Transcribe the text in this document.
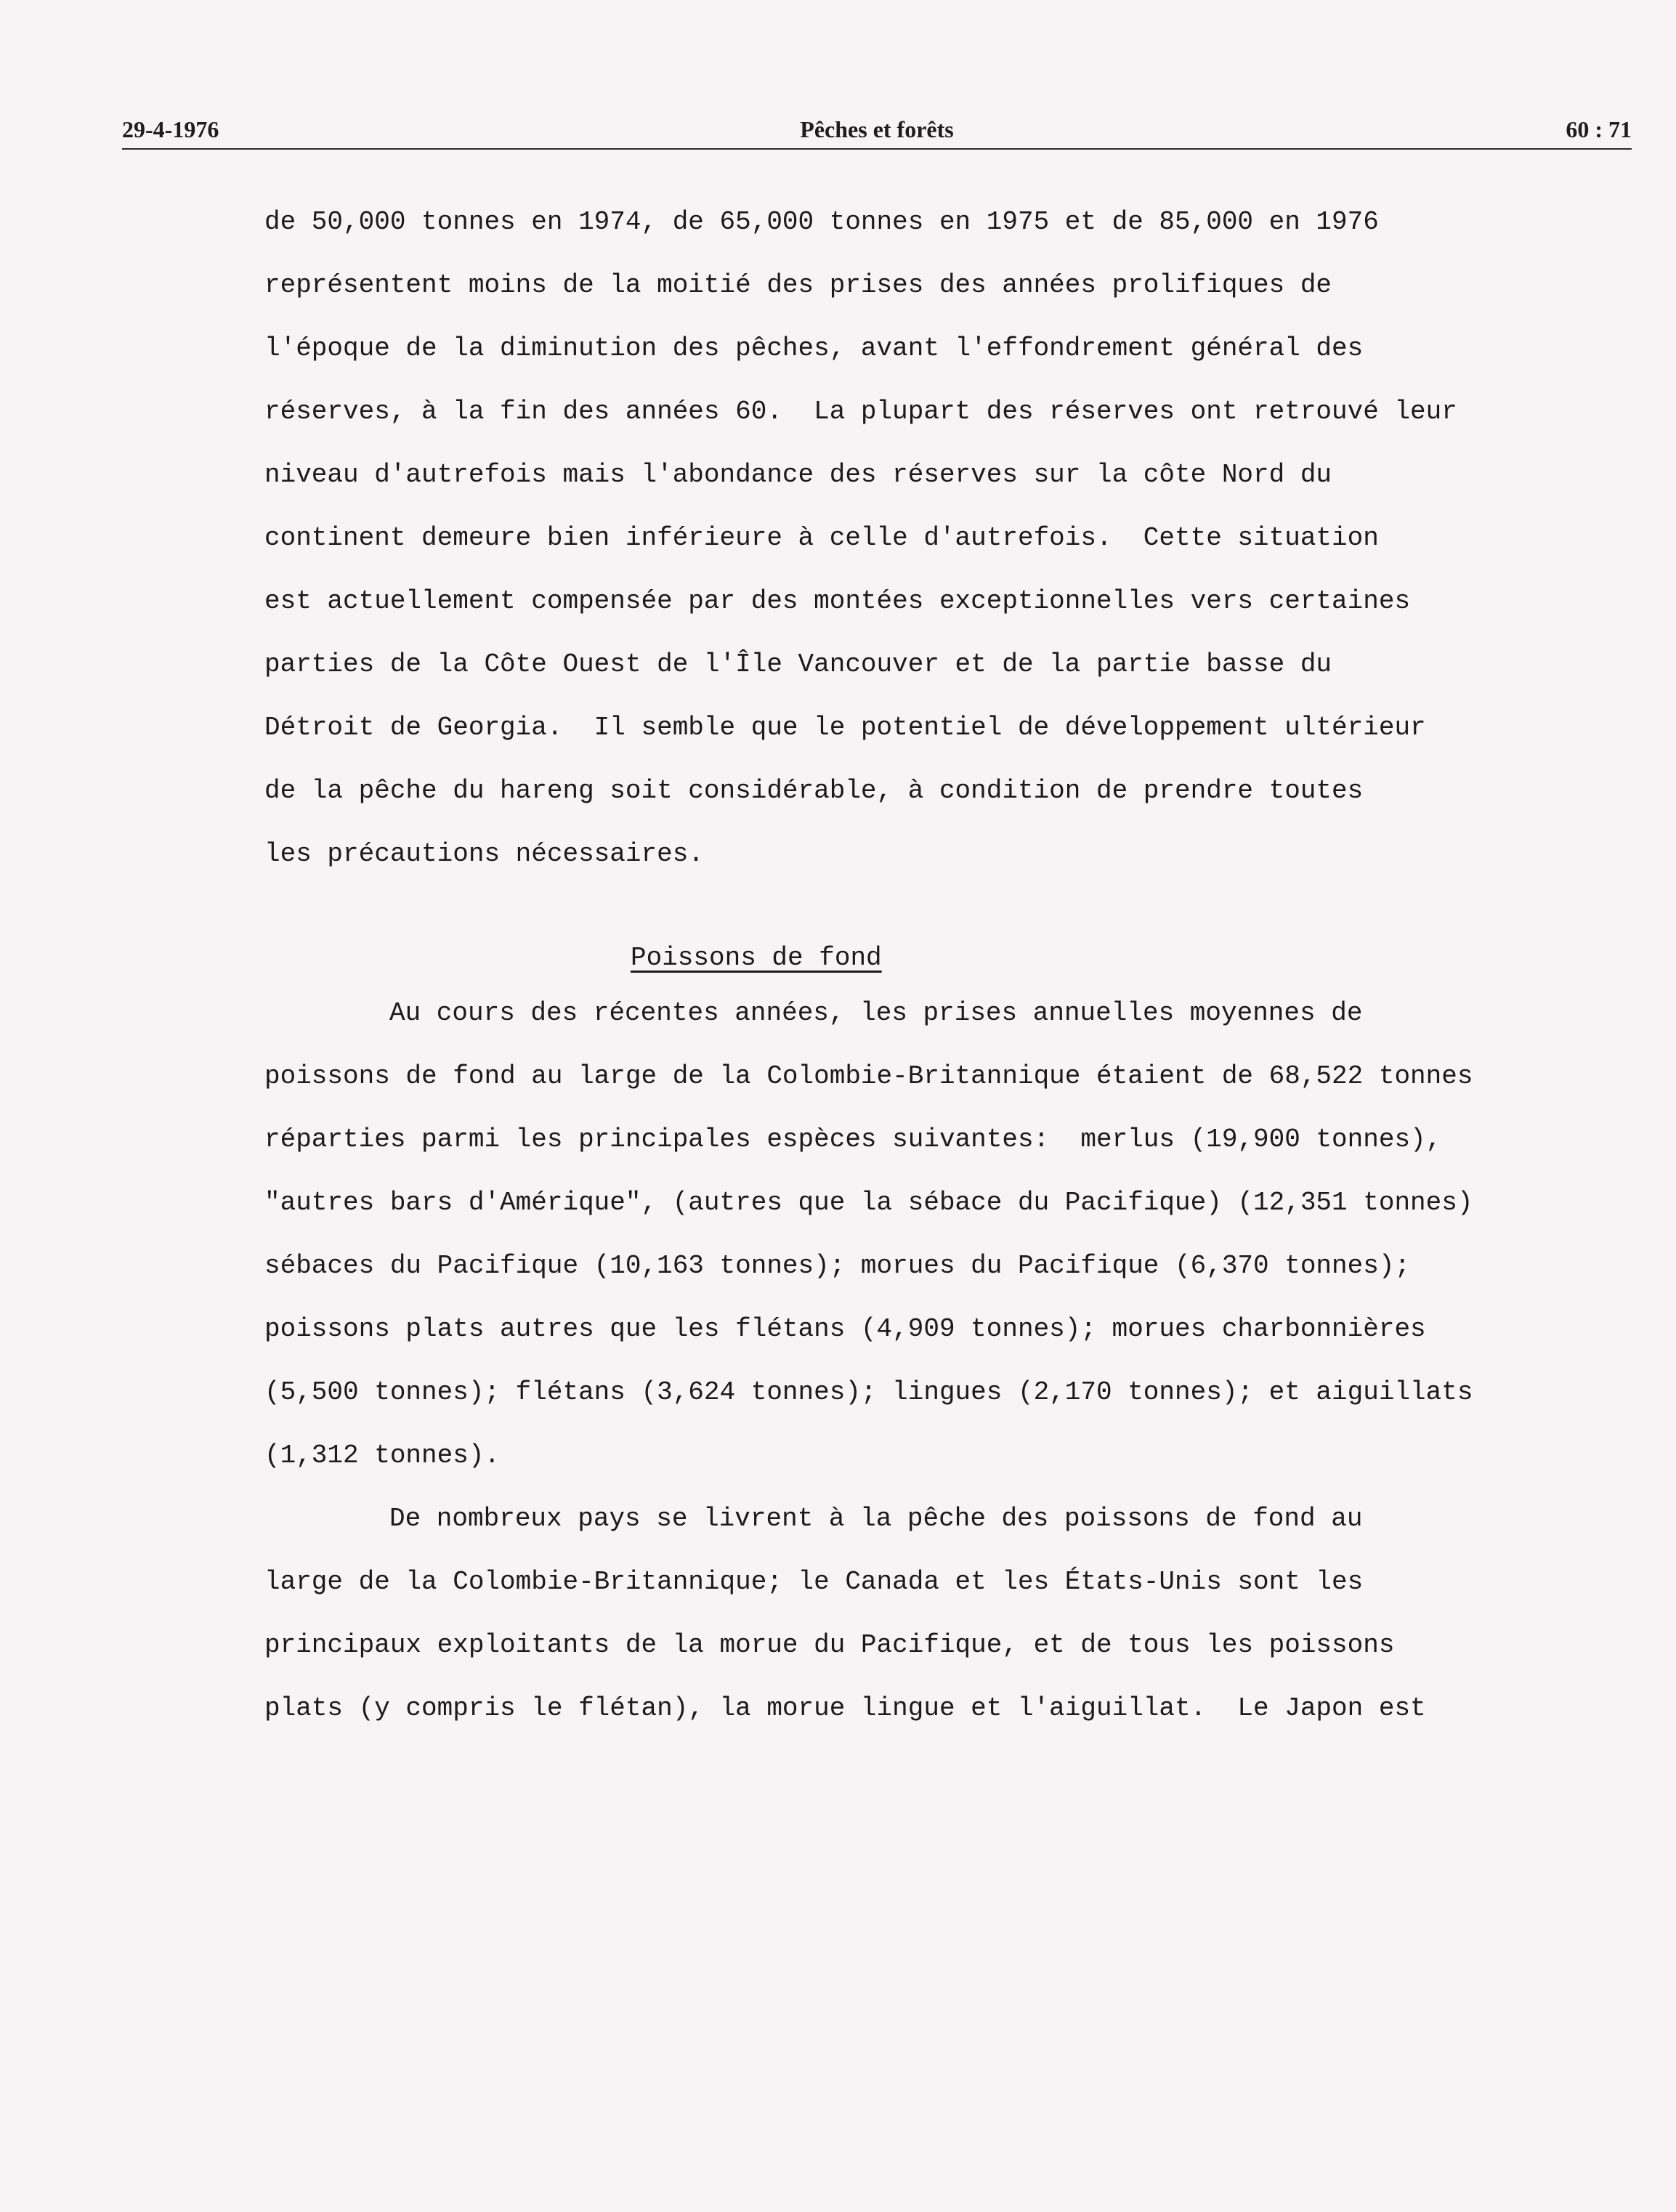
29-4-1976	Pêches et forêts	60 : 71

de 50,000 tonnes en 1974, de 65,000 tonnes en 1975 et de 85,000 en 1976

représentent moins de la moitié des prises des années prolifiques de

l'époque de la diminution des pêches, avant l'effondrement général des

réserves, à la fin des années 60.  La plupart des réserves ont retrouvé leur

niveau d'autrefois mais l'abondance des réserves sur la côte Nord du

continent demeure bien inférieure à celle d'autrefois.  Cette situation

est actuellement compensée par des montées exceptionnelles vers certaines

parties de la Côte Ouest de l'Île Vancouver et de la partie basse du

Détroit de Georgia.  Il semble que le potentiel de développement ultérieur

de la pêche du hareng soit considérable, à condition de prendre toutes

les précautions nécessaires.

Poissons de fond

Au cours des récentes années, les prises annuelles moyennes de

poissons de fond au large de la Colombie-Britannique étaient de 68,522 tonnes

réparties parmi les principales espèces suivantes:  merlus (19,900 tonnes),

"autres bars d'Amérique", (autres que la sébace du Pacifique) (12,351 tonnes)

sébaces du Pacifique (10,163 tonnes); morues du Pacifique (6,370 tonnes);

poissons plats autres que les flétans (4,909 tonnes); morues charbonnières

(5,500 tonnes); flétans (3,624 tonnes); lingues (2,170 tonnes); et aiguillats

(1,312 tonnes).

De nombreux pays se livrent à la pêche des poissons de fond au

large de la Colombie-Britannique; le Canada et les États-Unis sont les

principaux exploitants de la morue du Pacifique, et de tous les poissons

plats (y compris le flétan), la morue lingue et l'aiguillat.  Le Japon est
